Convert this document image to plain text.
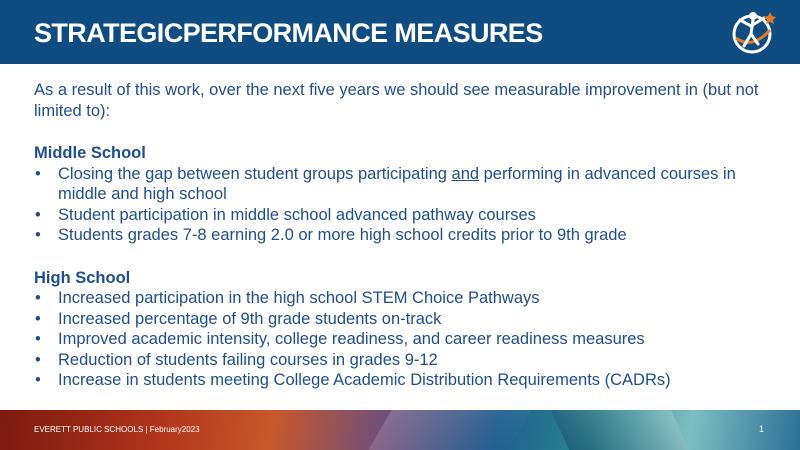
STRATEGICPERFORMANCE MEASURES

As a result of this work, over the next five years we should see measurable improvement in (but not limited to):

Middle School
• Closing the gap between student groups participating and performing in advanced courses in middle and high school
• Student participation in middle school advanced pathway courses
• Students grades 7-8 earning 2.0 or more high school credits prior to 9th grade
High School
• Increased participation in the high school STEM Choice Pathways
• Increased percentage of 9th grade students on-track
• Improved academic intensity, college readiness, and career readiness measures
• Reduction of students failing courses in grades 9-12
• Increase in students meeting College Academic Distribution Requirements (CADRs)
EVERETT PUBLIC SCHOOLS | February2023	1
